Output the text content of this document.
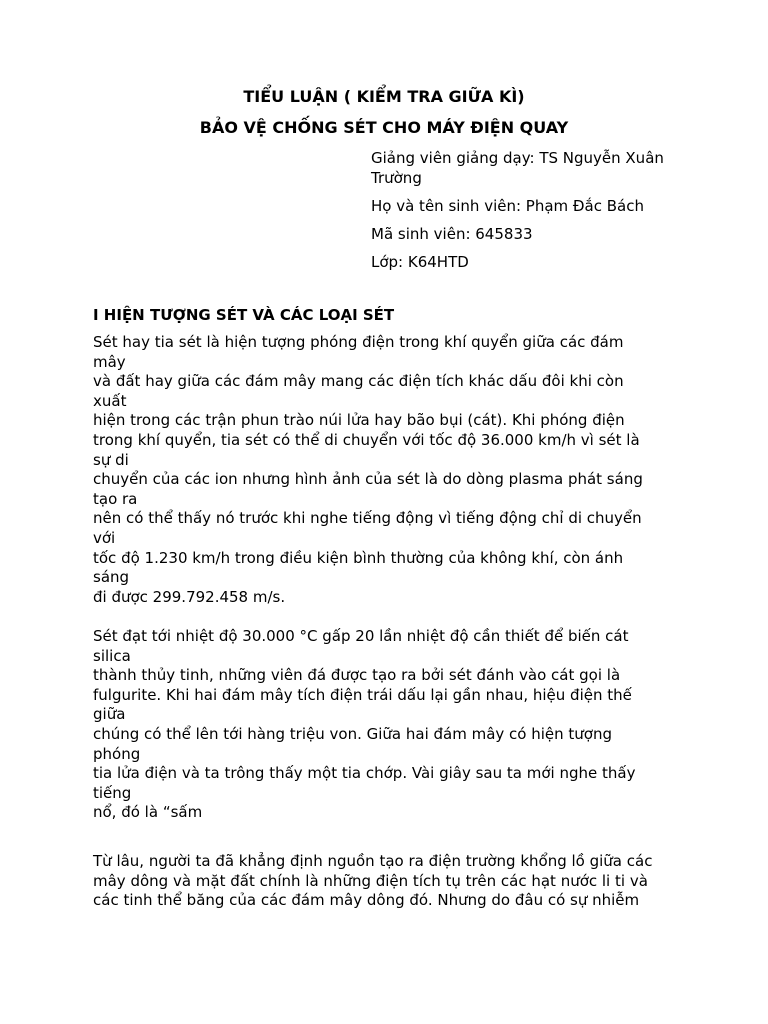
TIỂU LUẬN ( KIỂM TRA GIỮA KÌ)
BẢO VỆ CHỐNG SÉT CHO MÁY ĐIỆN QUAY

Giảng viên giảng dạy: TS Nguyễn Xuân Trường

Họ và tên sinh viên: Phạm Đắc Bách

Mã sinh viên: 645833

Lớp: K64HTD

I HIỆN TƯỢNG SÉT VÀ CÁC LOẠI SÉT
Sét hay tia sét là hiện tượng phóng điện trong khí quyển giữa các đám
mây
và đất hay giữa các đám mây mang các điện tích khác dấu đôi khi còn
xuất
hiện trong các trận phun trào núi lửa hay bão bụi (cát). Khi phóng điện
trong khí quyển, tia sét có thể di chuyển với tốc độ 36.000 km/h vì sét là
sự di
chuyển của các ion nhưng hình ảnh của sét là do dòng plasma phát sáng
tạo ra
nên có thể thấy nó trước khi nghe tiếng động vì tiếng động chỉ di chuyển
với
tốc độ 1.230 km/h trong điều kiện bình thường của không khí, còn ánh
sáng
đi được 299.792.458 m/s.
Sét đạt tới nhiệt độ 30.000 °C gấp 20 lần nhiệt độ cần thiết để biến cát
silica
thành thủy tinh, những viên đá được tạo ra bởi sét đánh vào cát gọi là
fulgurite. Khi hai đám mây tích điện trái dấu lại gần nhau, hiệu điện thế
giữa
chúng có thể lên tới hàng triệu von. Giữa hai đám mây có hiện tượng
phóng
tia lửa điện và ta trông thấy một tia chớp. Vài giây sau ta mới nghe thấy
tiếng
nổ, đó là “sấm
Từ lâu, người ta đã khẳng định nguồn tạo ra điện trường khổng lồ giữa các
mây dông và mặt đất chính là những điện tích tụ trên các hạt nước li ti và
các tinh thể băng của các đám mây dông đó. Nhưng do đâu có sự nhiễm
